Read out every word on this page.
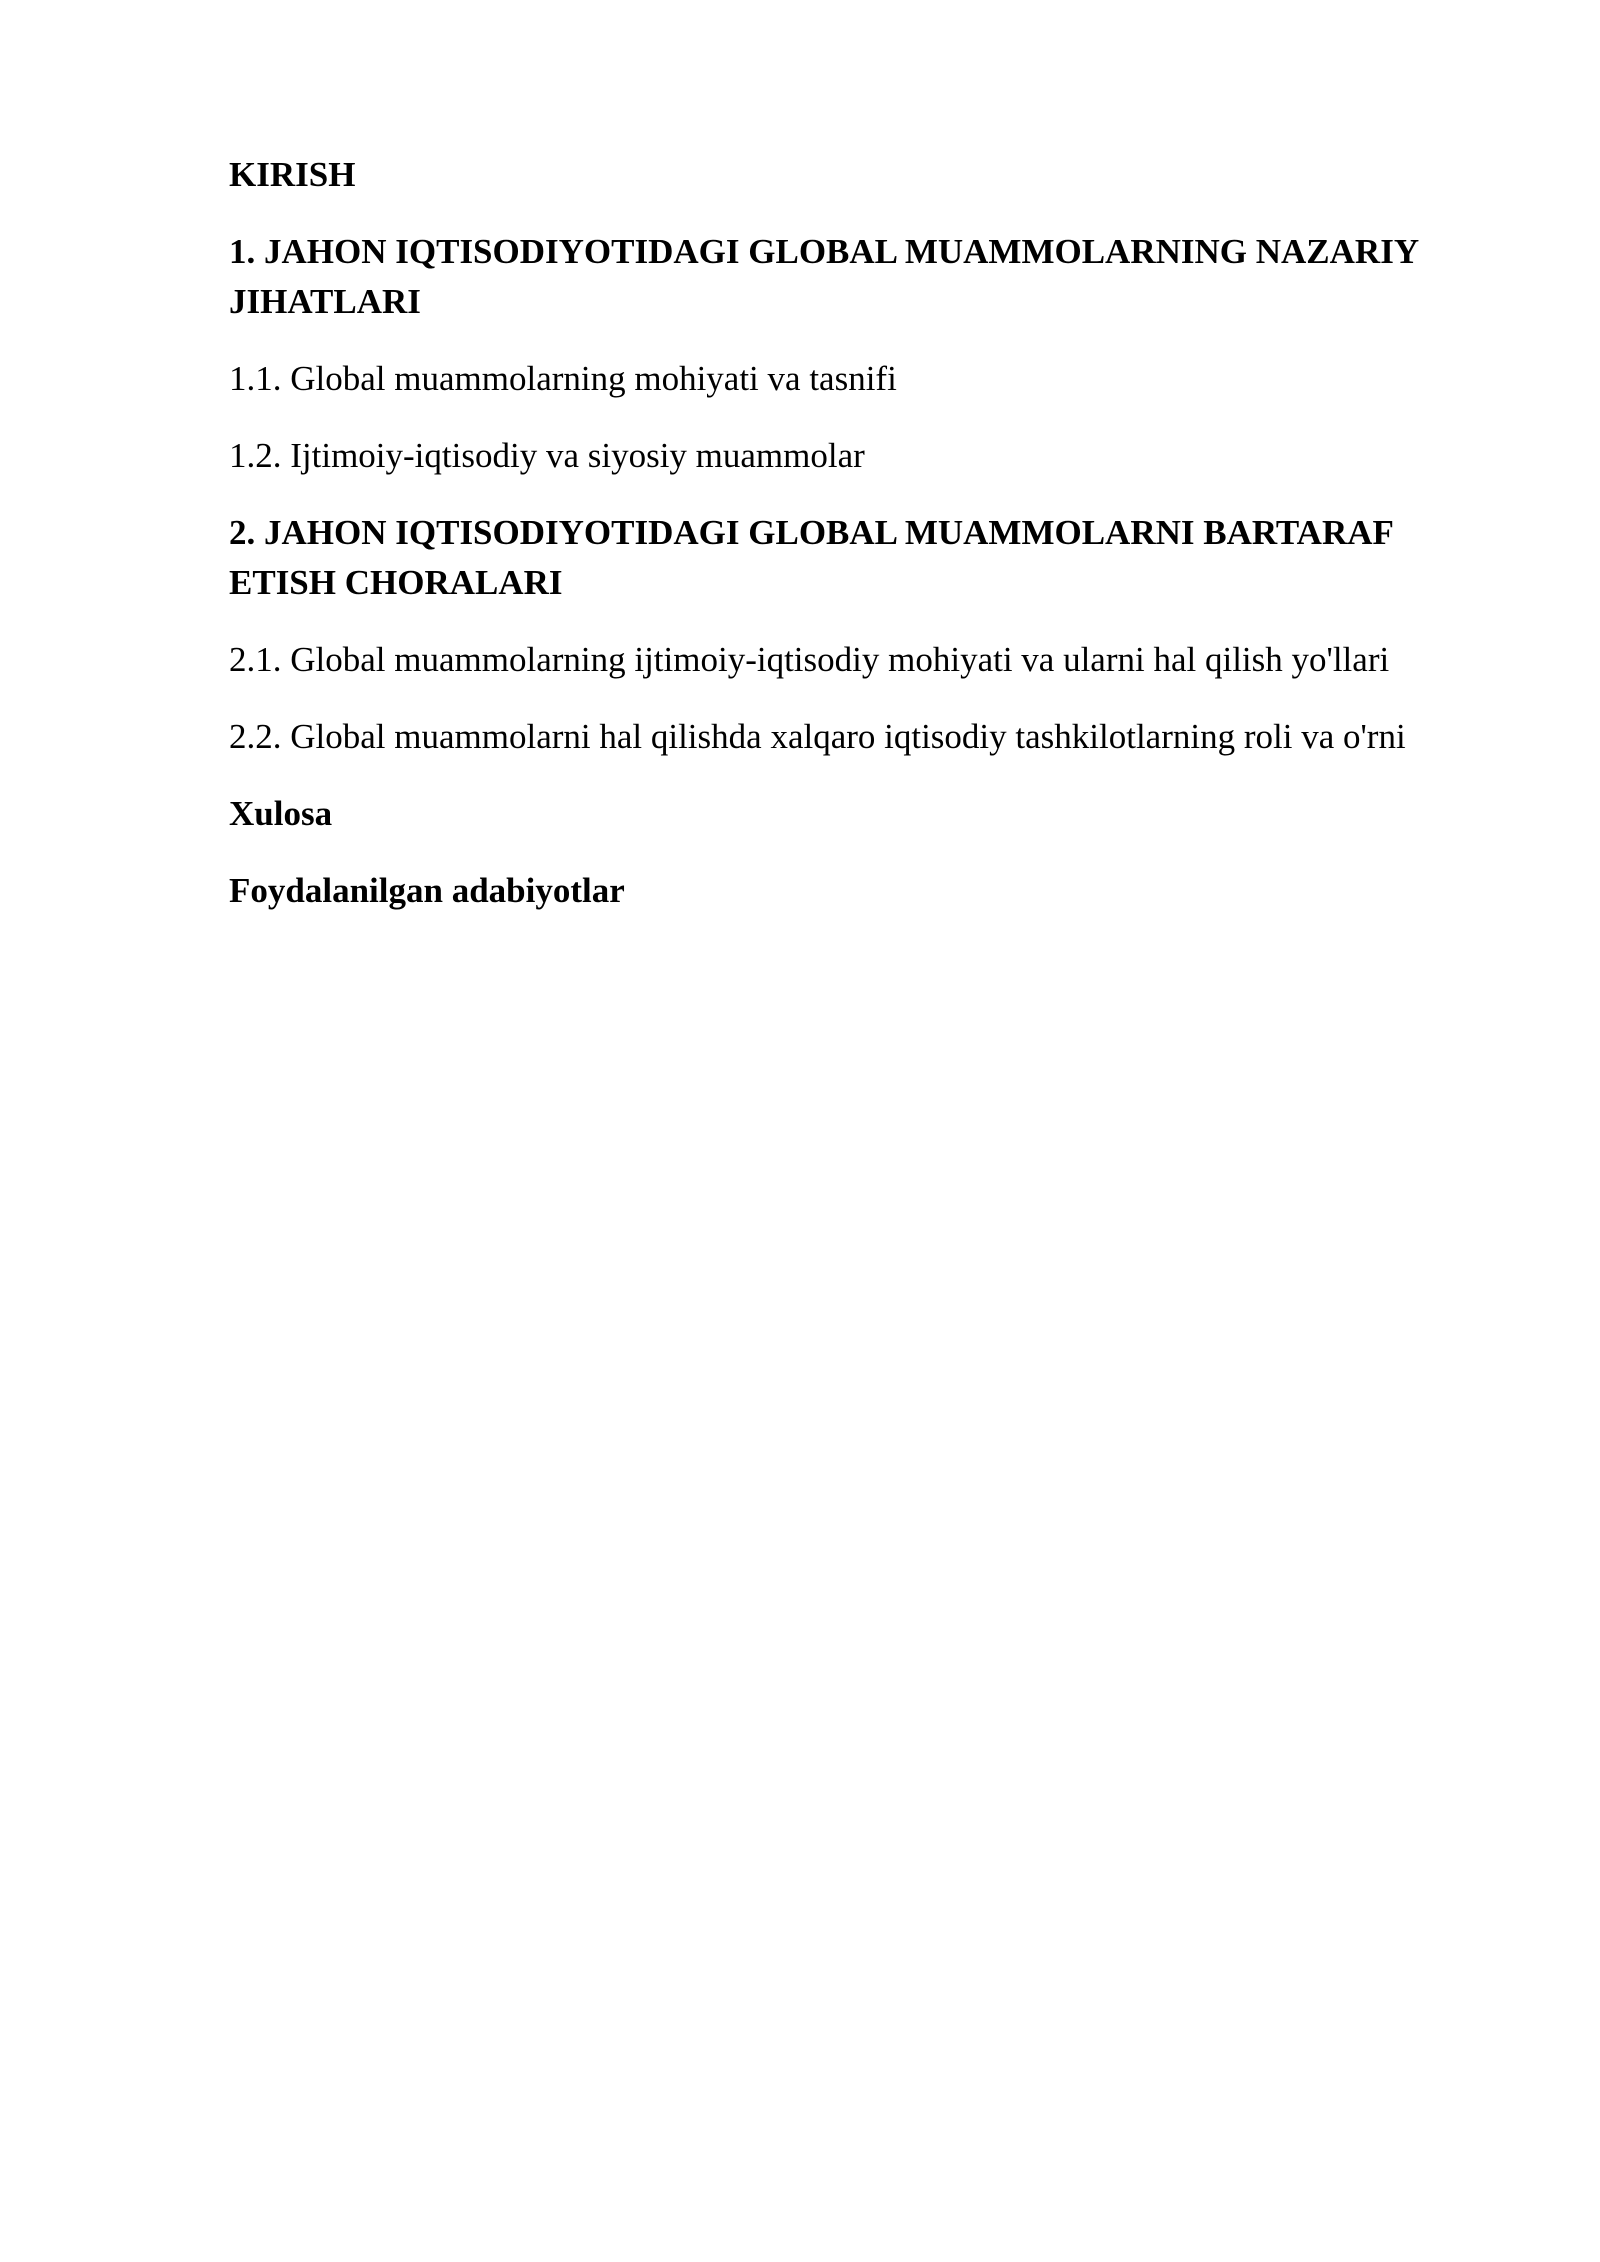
KIRISH

1. JAHON IQTISODIYOTIDAGI GLOBAL MUAMMOLARNING NAZARIY JIHATLARI

1.1. Global muammolarning mohiyati va tasnifi

1.2. Ijtimoiy-iqtisodiy va siyosiy muammolar

2. JAHON IQTISODIYOTIDAGI GLOBAL MUAMMOLARNI BARTARAF ETISH CHORALARI

2.1. Global muammolarning ijtimoiy-iqtisodiy mohiyati va ularni hal qilish yo'llari

2.2. Global muammolarni hal qilishda xalqaro iqtisodiy tashkilotlarning roli va o'rni

Xulosa

Foydalanilgan adabiyotlar
